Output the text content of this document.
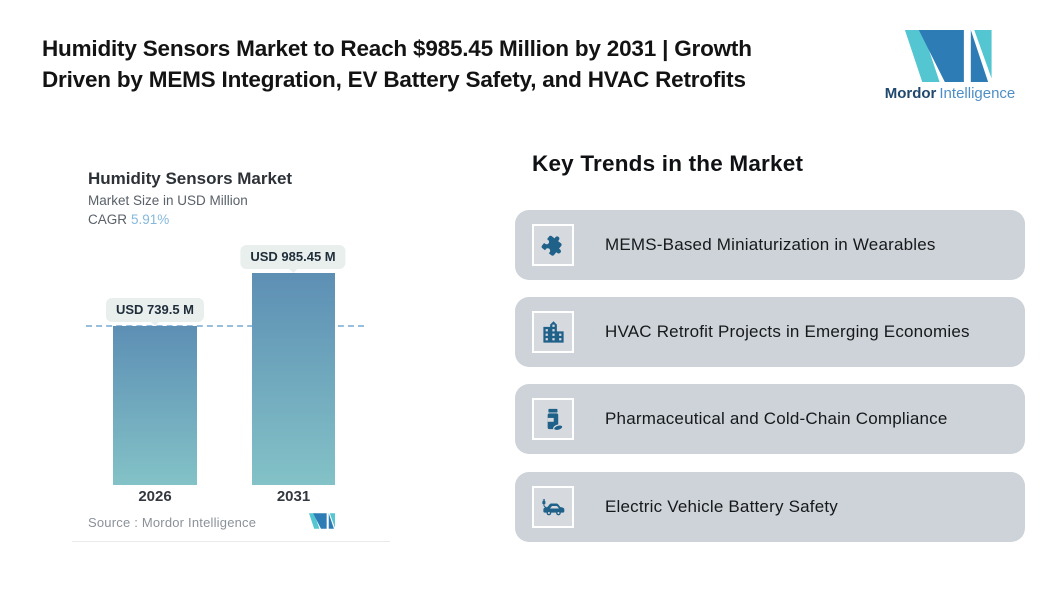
Humidity Sensors Market to Reach $985.45 Million by 2031 | Growth
Driven by MEMS Integration, EV Battery Safety, and HVAC Retrofits
Mordor Intelligence
Humidity Sensors Market
Market Size in USD Million
CAGR 5.91%
USD 739.5 M
USD 985.45 M
2026	2031
Source : Mordor Intelligence
Key Trends in the Market
MEMS-Based Miniaturization in Wearables
HVAC Retrofit Projects in Emerging Economies
Pharmaceutical and Cold-Chain Compliance
Electric Vehicle Battery Safety
